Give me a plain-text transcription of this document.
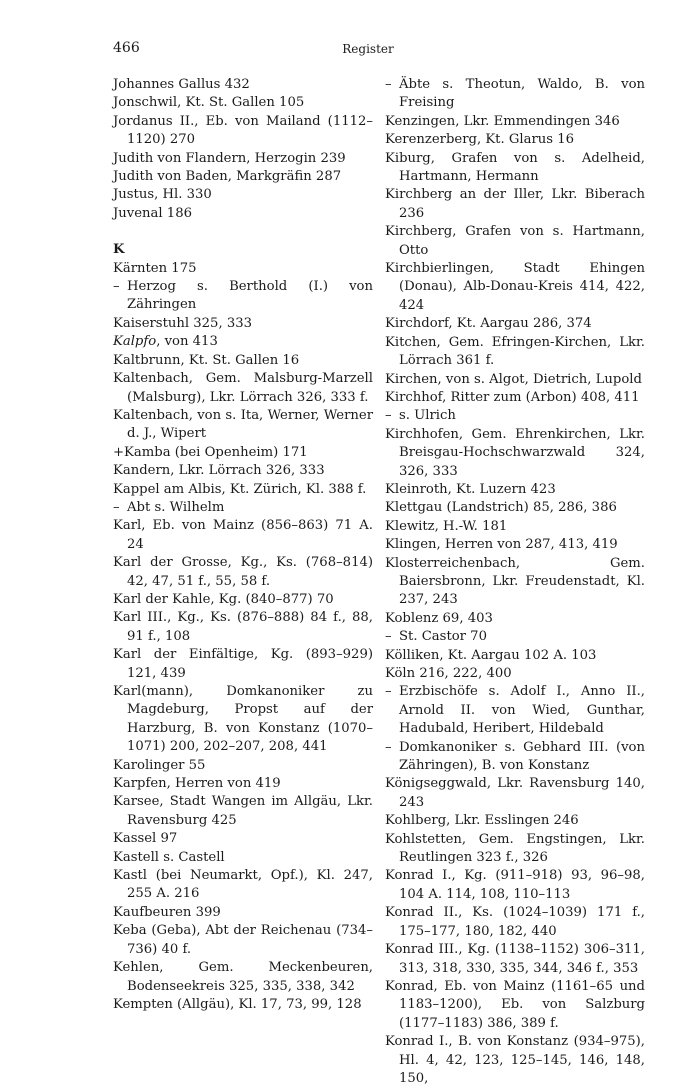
466	Register

Johannes Gallus 432

Jonschwil, Kt. St. Gallen 105

Jordanus II., Eb. von Mailand (1112–1120) 270

Judith von Flandern, Herzogin 239

Judith von Baden, Markgräfin 287

Justus, Hl. 330

Juvenal 186

K

Kärnten 175

– Herzog s. Berthold (I.) von Zähringen

Kaiserstuhl 325, 333

Kalpfo, von 413

Kaltbrunn, Kt. St. Gallen 16

Kaltenbach, Gem. Malsburg-Marzell (Malsburg), Lkr. Lörrach 326, 333 f.

Kaltenbach, von s. Ita, Werner, Werner d. J., Wipert

+Kamba (bei Openheim) 171

Kandern, Lkr. Lörrach 326, 333

Kappel am Albis, Kt. Zürich, Kl. 388 f.

– Abt s. Wilhelm

Karl, Eb. von Mainz (856–863) 71 A. 24

Karl der Grosse, Kg., Ks. (768–814) 42, 47, 51 f., 55, 58 f.

Karl der Kahle, Kg. (840–877) 70

Karl III., Kg., Ks. (876–888) 84 f., 88, 91 f., 108

Karl der Einfältige, Kg. (893–929) 121, 439

Karl(mann), Domkanoniker zu Magdeburg, Propst auf der Harzburg, B. von Konstanz (1070–1071) 200, 202–207, 208, 441

Karolinger 55

Karpfen, Herren von 419

Karsee, Stadt Wangen im Allgäu, Lkr. Ravensburg 425

Kassel 97

Kastell s. Castell

Kastl (bei Neumarkt, Opf.), Kl. 247, 255 A. 216

Kaufbeuren 399

Keba (Geba), Abt der Reichenau (734–736) 40 f.

Kehlen, Gem. Meckenbeuren, Bodenseekreis 325, 335, 338, 342

Kempten (Allgäu), Kl. 17, 73, 99, 128

– Äbte s. Theotun, Waldo, B. von Freising

Kenzingen, Lkr. Emmendingen 346

Kerenzerberg, Kt. Glarus 16

Kiburg, Grafen von s. Adelheid, Hartmann, Hermann

Kirchberg an der Iller, Lkr. Biberach 236

Kirchberg, Grafen von s. Hartmann, Otto

Kirchbierlingen, Stadt Ehingen (Donau), Alb-Donau-Kreis 414, 422, 424

Kirchdorf, Kt. Aargau 286, 374

Kitchen, Gem. Efringen-Kirchen, Lkr. Lörrach 361 f.

Kirchen, von s. Algot, Dietrich, Lupold

Kirchhof, Ritter zum (Arbon) 408, 411

– s. Ulrich

Kirchhofen, Gem. Ehrenkirchen, Lkr. Breisgau-Hochschwarzwald 324, 326, 333

Kleinroth, Kt. Luzern 423

Klettgau (Landstrich) 85, 286, 386

Klewitz, H.-W. 181

Klingen, Herren von 287, 413, 419

Klosterreichenbach, Gem. Baiersbronn, Lkr. Freudenstadt, Kl. 237, 243

Koblenz 69, 403

– St. Castor 70

Kölliken, Kt. Aargau 102 A. 103

Köln 216, 222, 400

– Erzbischöfe s. Adolf I., Anno II., Arnold II. von Wied, Gunthar, Hadubald, Heribert, Hildebald

– Domkanoniker s. Gebhard III. (von Zähringen), B. von Konstanz

Königseggwald, Lkr. Ravensburg 140, 243

Kohlberg, Lkr. Esslingen 246

Kohlstetten, Gem. Engstingen, Lkr. Reutlingen 323 f., 326

Konrad I., Kg. (911–918) 93, 96–98, 104 A. 114, 108, 110–113

Konrad II., Ks. (1024–1039) 171 f., 175–177, 180, 182, 440

Konrad III., Kg. (1138–1152) 306–311, 313, 318, 330, 335, 344, 346 f., 353

Konrad, Eb. von Mainz (1161–65 und 1183–1200), Eb. von Salzburg (1177–1183) 386, 389 f.

Konrad I., B. von Konstanz (934–975), Hl. 4, 42, 123, 125–145, 146, 148, 150,
